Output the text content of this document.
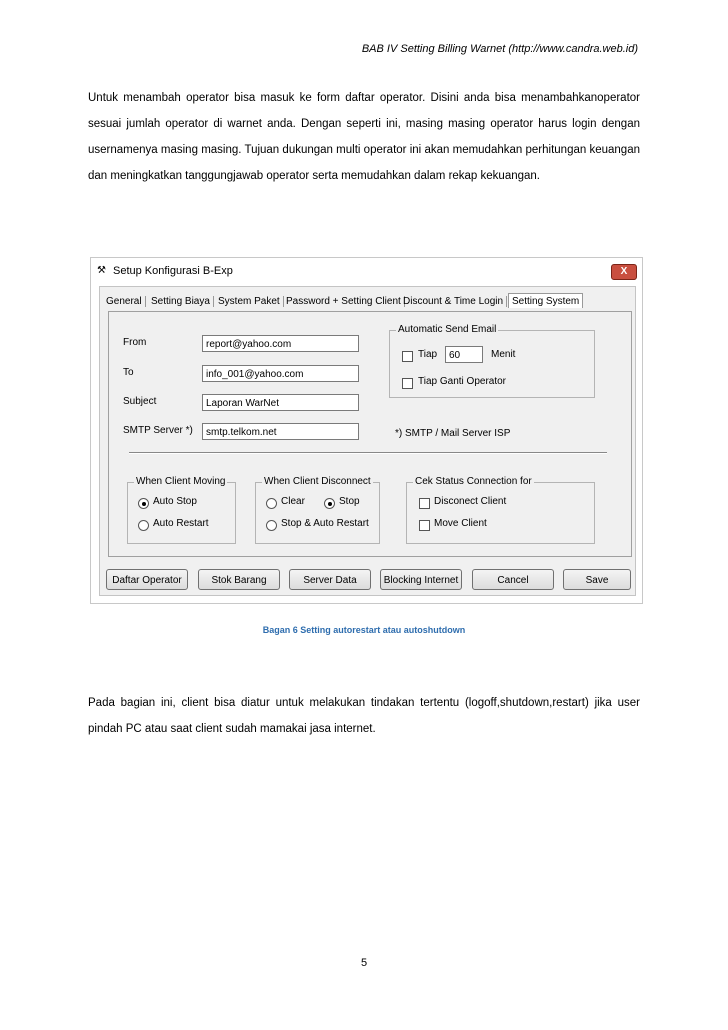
BAB IV Setting Billing Warnet (http://www.candra.web.id)
Untuk menambah operator bisa masuk ke form daftar operator. Disini anda bisa menambahkanoperator sesuai jumlah operator di warnet anda. Dengan seperti ini, masing masing operator harus login dengan usernamenya masing masing. Tujuan dukungan multi operator ini akan memudahkan perhitungan keuangan dan meningkatkan tanggungjawab operator serta memudahkan dalam rekap kekuangan.
⚒ Setup Konfigurasi B-Exp	X
General Setting Biaya System Paket Password + Setting Client Discount & Time Login Setting System
From	report@yahoo.com
To	info_001@yahoo.com
Subject	Laporan WarNet
SMTP Server *)	smtp.telkom.net
Automatic Send Email
Tiap	60	Menit
Tiap Ganti Operator
*) SMTP / Mail Server ISP
When Client Moving
Auto Stop
Auto Restart
When Client Disconnect
Clear	Stop
Stop & Auto Restart
Cek Status Connection for
Disconect Client
Move Client
Daftar Operator	Stok Barang	Server Data	Blocking Internet	Cancel	Save
Bagan 6 Setting autorestart atau autoshutdown
Pada bagian ini, client bisa diatur untuk melakukan tindakan tertentu (logoff,shutdown,restart) jika user pindah PC atau saat client sudah mamakai jasa internet.
5
